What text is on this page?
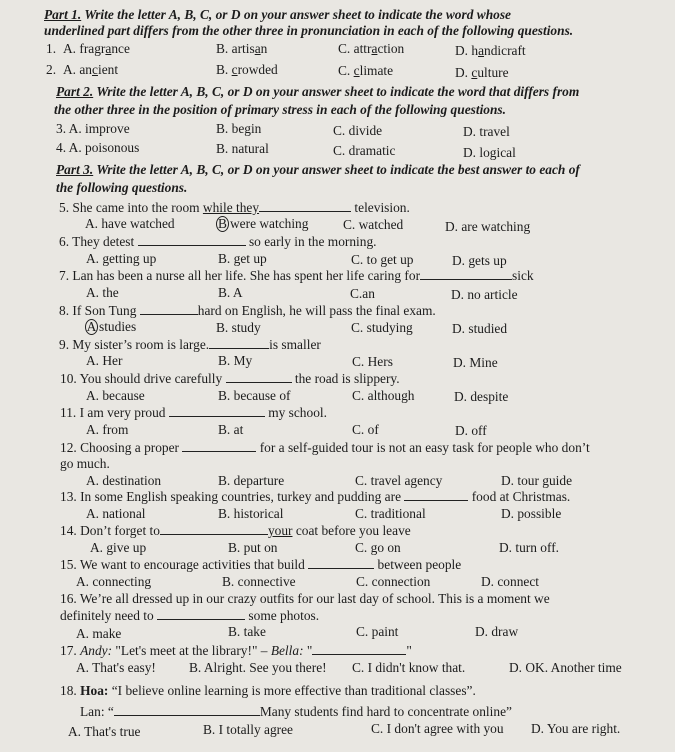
Part 1. Write the letter A, B, C, or D on your answer sheet to indicate the word whose
underlined part differs from the other three in pronunciation in each of the following questions.
1. A. fragrance	B. artisan	C. attraction	D. handicraft
2. A. ancient	B. crowded	C. climate	D. culture
Part 2. Write the letter A, B, C, or D on your answer sheet to indicate the word that differs from
the other three in the position of primary stress in each of the following questions.
3. A. improve	B. begin	C. divide	D. travel
4. A. poisonous	B. natural	C. dramatic	D. logical
Part 3. Write the letter A, B, C, or D on your answer sheet to indicate the best answer to each of
the following questions.
5. She came into the room while they	television.
A. have watched	B were watching	C. watched	D. are watching
6. They detest	so early in the morning.
A. getting up	B. get up	C. to get up	D. gets up
7. Lan has been a nurse all her life. She has spent her life caring for	sick
A. the	B. A	C.an	D. no article
8. If Son Tung	hard on English, he will pass the final exam.
A studies	B. study	C. studying	D. studied
9. My sister’s room is large.	is smaller
A. Her	B. My	C. Hers	D. Mine
10. You should drive carefully	the road is slippery.
A. because	B. because of	C. although	D. despite
11. I am very proud	my school.
A. from	B. at	C. of	D. off
12. Choosing a proper	for a self-guided tour is not an easy task for people who don’t
go much.
A. destination	B. departure	C. travel agency	D. tour guide
13. In some English speaking countries, turkey and pudding are	food at Christmas.
A. national	B. historical	C. traditional	D. possible
14. Don’t forget to	your coat before you leave
A. give up	B. put on	C. go on	D. turn off.
15. We want to encourage activities that build	between people
A. connecting	B. connective	C. connection	D. connect
16. We’re all dressed up in our crazy outfits for our last day of school. This is a moment we
definitely need to	some photos.
A. make	B. take	C. paint	D. draw
17. Andy: "Let's meet at the library!" – Bella: "	"
A. That's easy! B. Alright. See you there! C. I didn't know that.	D. OK. Another time
18. Hoa: “I believe online learning is more effective than traditional classes”.
Lan: “	Many students find hard to concentrate online”
A. That's true	B. I totally agree	C. I don't agree with you D. You are right.
